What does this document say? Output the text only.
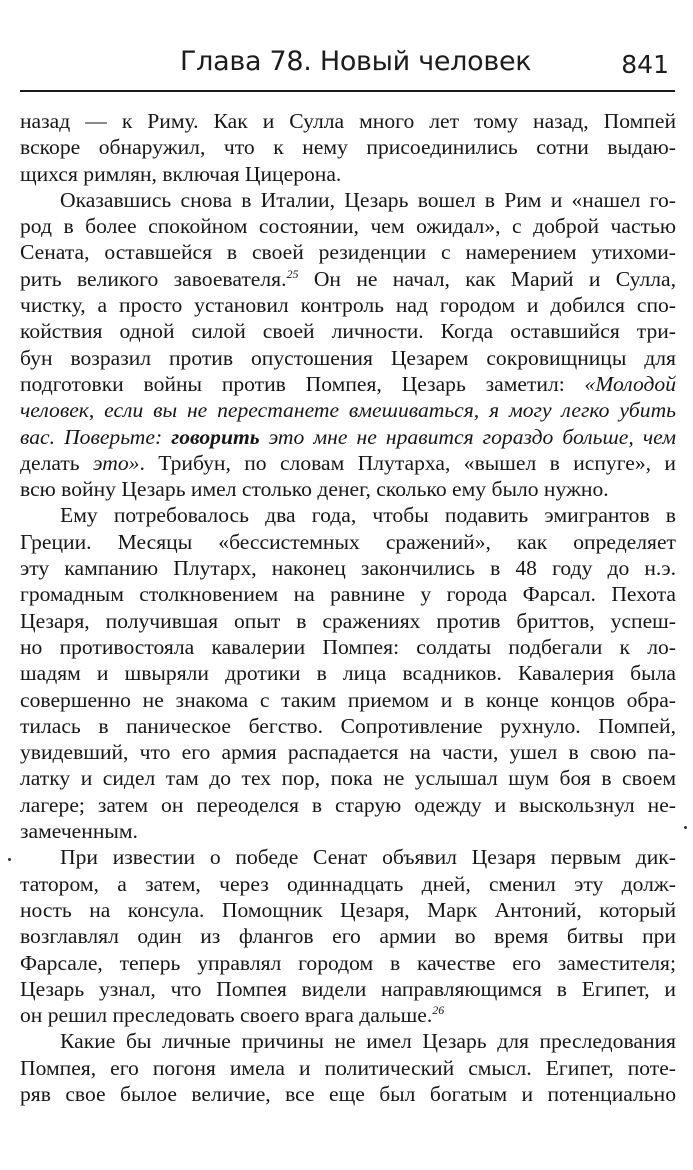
Глава 78. Новый человек	841

назад — к Риму. Как и Сулла много лет тому назад, Помпей
вскоре обнаружил, что к нему присоединились сотни выдаю-
щихся римлян, включая Цицерона.

Оказавшись снова в Италии, Цезарь вошел в Рим и «нашел го-
род в более спокойном состоянии, чем ожидал», с доброй частью
Сената, оставшейся в своей резиденции с намерением утихоми-
рить великого завоевателя.$^{25}$ Он не начал, как Марий и Сулла,
чистку, а просто установил контроль над городом и добился спо-
койствия одной силой своей личности. Когда оставшийся три-
бун возразил против опустошения Цезарем сокровищницы для
подготовки войны против Помпея, Цезарь заметил: «Молодой
человек, если вы не перестанете вмешиваться, я могу легко убить
вас. Поверьте: говорить это мне не нравится гораздо больше, чем
делать это». Трибун, по словам Плутарха, «вышел в испуге», и
всю войну Цезарь имел столько денег, сколько ему было нужно.

Ему потребовалось два года, чтобы подавить эмигрантов в
Греции. Месяцы «бессистемных сражений», как определяет
эту кампанию Плутарх, наконец закончились в 48 году до н.э.
громадным столкновением на равнине у города Фарсал. Пехота
Цезаря, получившая опыт в сражениях против бриттов, успеш-
но противостояла кавалерии Помпея: солдаты подбегали к ло-
шадям и швыряли дротики в лица всадников. Кавалерия была
совершенно не знакома с таким приемом и в конце концов обра-
тилась в паническое бегство. Сопротивление рухнуло. Помпей,
увидевший, что его армия распадается на части, ушел в свою па-
латку и сидел там до тех пор, пока не услышал шум боя в своем
лагере; затем он переоделся в старую одежду и выскользнул не-
замеченным.

При известии о победе Сенат объявил Цезаря первым дик-
татором, а затем, через одиннадцать дней, сменил эту долж-
ность на консула. Помощник Цезаря, Марк Антоний, который
возглавлял один из флангов его армии во время битвы при
Фарсале, теперь управлял городом в качестве его заместителя;
Цезарь узнал, что Помпея видели направляющимся в Египет, и
он решил преследовать своего врага дальше.$^{26}$

Какие бы личные причины не имел Цезарь для преследования
Помпея, его погоня имела и политический смысл. Египет, поте-
ряв свое былое величие, все еще был богатым и потенциально
